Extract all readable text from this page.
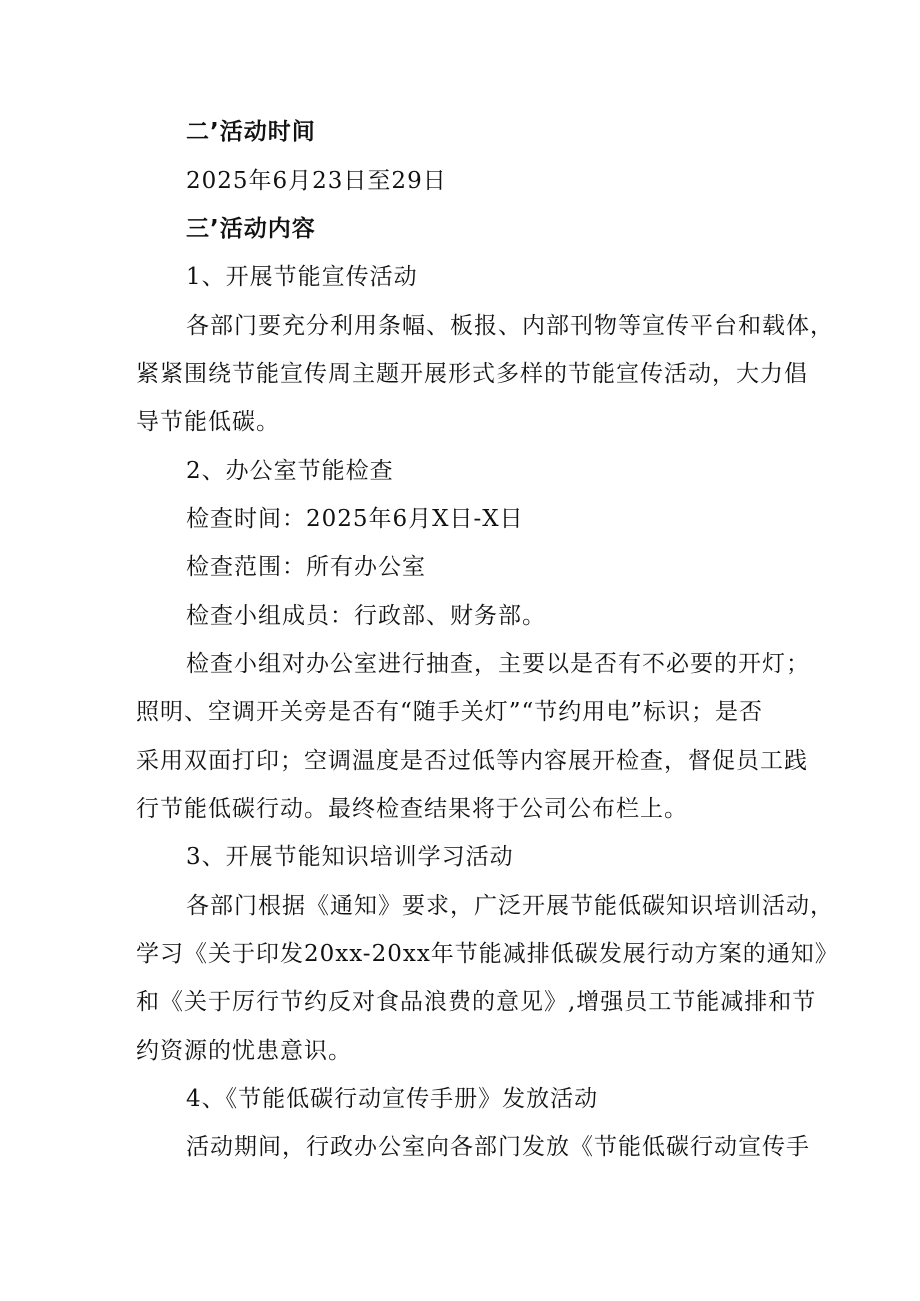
二’活动时间
2025年6月23日至29日
三’活动内容
1、开展节能宣传活动
各部门要充分利用条幅、板报、内部刊物等宣传平台和载体，
紧紧围绕节能宣传周主题开展形式多样的节能宣传活动，大力倡
导节能低碳。
2、办公室节能检查
检查时间：2025年6月X日-X日
检查范围：所有办公室
检查小组成员：行政部、财务部。
检查小组对办公室进行抽查，主要以是否有不必要的开灯；
照明、空调开关旁是否有“随手关灯”“节约用电”标识；是否
采用双面打印；空调温度是否过低等内容展开检查，督促员工践
行节能低碳行动。最终检查结果将于公司公布栏上。
3、开展节能知识培训学习活动
各部门根据《通知》要求，广泛开展节能低碳知识培训活动，
学习《关于印发20xx-20xx年节能减排低碳发展行动方案的通知》
和《关于厉行节约反对食品浪费的意见》,增强员工节能减排和节
约资源的忧患意识。
4、《节能低碳行动宣传手册》发放活动
活动期间，行政办公室向各部门发放《节能低碳行动宣传手
